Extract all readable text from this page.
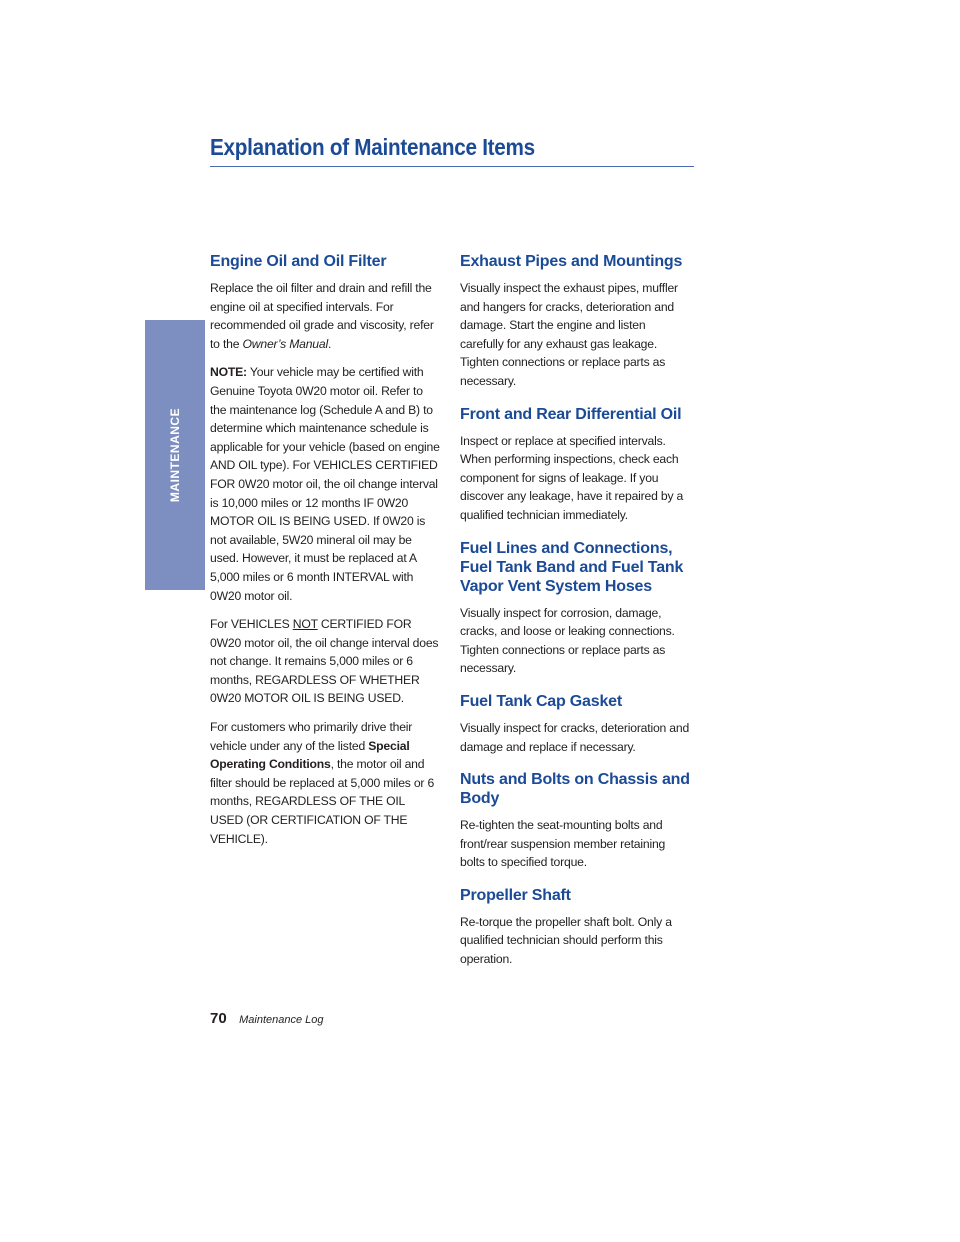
MAINTENANCE
Explanation of Maintenance Items
Engine Oil and Oil Filter

Replace the oil filter and drain and refill the engine oil at specified intervals. For recommended oil grade and viscosity, refer to the Owner’s Manual.

NOTE: Your vehicle may be certified with Genuine Toyota 0W20 motor oil. Refer to the maintenance log (Schedule A and B) to determine which maintenance schedule is applicable for your vehicle (based on engine AND OIL type). For VEHICLES CERTIFIED FOR 0W20 motor oil, the oil change interval is 10,000 miles or 12 months IF 0W20 MOTOR OIL IS BEING USED. If 0W20 is not available, 5W20 mineral oil may be used. However, it must be replaced at A 5,000 miles or 6 month INTERVAL with 0W20 motor oil.

For VEHICLES NOT CERTIFIED FOR 0W20 motor oil, the oil change interval does not change. It remains 5,000 miles or 6 months, REGARDLESS OF WHETHER 0W20 MOTOR OIL IS BEING USED.

For customers who primarily drive their vehicle under any of the listed Special Operating Conditions, the motor oil and filter should be replaced at 5,000 miles or 6 months, REGARDLESS OF THE OIL USED (OR CERTIFICATION OF THE VEHICLE).

Exhaust Pipes and Mountings

Visually inspect the exhaust pipes, muffler and hangers for cracks, deterioration and damage. Start the engine and listen carefully for any exhaust gas leakage. Tighten connections or replace parts as necessary.

Front and Rear Differential Oil

Inspect or replace at specified intervals. When performing inspections, check each component for signs of leakage. If you discover any leakage, have it repaired by a qualified technician immediately.

Fuel Lines and Connections, Fuel Tank Band and Fuel Tank Vapor Vent System Hoses

Visually inspect for corrosion, damage, cracks, and loose or leaking connections. Tighten connections or replace parts as necessary.

Fuel Tank Cap Gasket

Visually inspect for cracks, deterioration and damage and replace if necessary.

Nuts and Bolts on Chassis and Body

Re-tighten the seat-mounting bolts and front/rear suspension member retaining bolts to specified torque.

Propeller Shaft

Re-torque the propeller shaft bolt. Only a qualified technician should perform this operation.

70 Maintenance Log
